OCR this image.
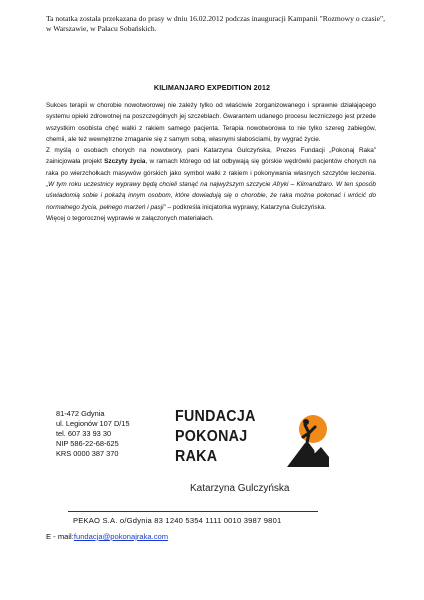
Ta notatka została przekazana do prasy w dniu 16.02.2012 podczas inauguracji Kampanii "Rozmowy o czasie", w Warszawie, w Pałacu Sobańskich.
KILIMANJARO EXPEDITION 2012

Sukces terapii w chorobie nowotworowej nie zależy tylko od właściwie zorganizowanego i sprawnie działającego systemu opieki zdrowotnej na poszczególnych jej szczeblach. Gwarantem udanego procesu leczniczego jest przede wszystkim osobista chęć walki z rakiem samego pacjenta. Terapia nowotworowa to nie tylko szereg zabiegów, chemii, ale też wewnętrzne zmaganie się z samym sobą, własnymi słabościami, by wygrać życie.

Z myślą o osobach chorych na nowotwory, pani Katarzyna Gulczyńska, Prezes Fundacji „Pokonaj Raka” zainicjowała projekt Szczyty życia, w ramach którego od lat odbywają się górskie wędrówki pacjentów chorych na raka po wierzchołkach masywów górskich jako symbol walki z rakiem i pokonywania własnych szczytów leczenia. „W tym roku uczestnicy wyprawy będą chcieli stanąć na najwyższym szczycie Afryki – Klimandżaro. W ten sposób uświadomią sobie i pokażą innym osobom, które dowiadują się o chorobie, że raka można pokonać i wrócić do normalnego życia, pełnego marzeń i pasji” – podkreśla inicjatorka wyprawy, Katarzyna Gulczyńska.

Więcej o tegorocznej wyprawie w załączonych materiałach.

81-472 Gdynia
ul. Legionów 107 D/15
tel. 607 33 93 30
NIP 586-22-68-625
KRS 0000 387 370
FUNDACJA
POKONAJ
RAKA
Katarzyna Gulczyńska
PEKAO S.A. o/Gdynia 83 1240 5354 1111 0010 3987 9801
E - mail:fundacja@pokonajraka.com
